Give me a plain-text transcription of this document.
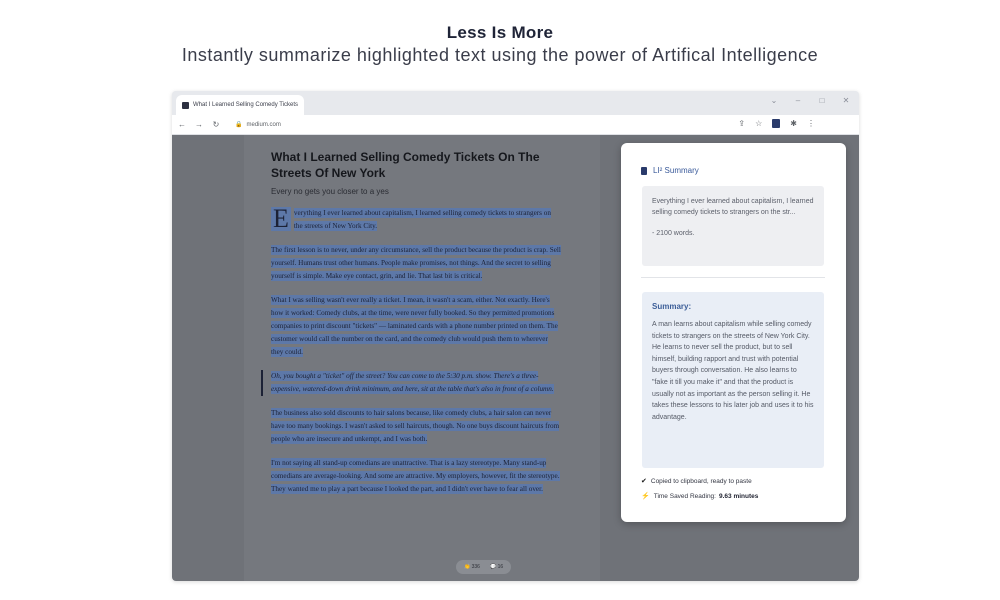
Less Is More
Instantly summarize highlighted text using the power of Artifical Intelligence
What I Learned Selling Comedy Tickets	⌄	–	□	✕
←	→	↻	🔒 medium.com	⇪ ☆	✱ ⋮
What I Learned Selling Comedy Tickets On The Streets Of New York
Every no gets you closer to a yes
E verything I ever learned about capitalism, I learned selling comedy tickets to strangers on the streets of New York City.
The first lesson is to never, under any circumstance, sell the product because the product is crap. Sell yourself. Humans trust other humans. People make promises, not things. And the secret to selling yourself is simple. Make eye contact, grin, and lie. That last bit is critical.
What I was selling wasn't ever really a ticket. I mean, it wasn't a scam, either. Not exactly. Here's how it worked: Comedy clubs, at the time, were never fully booked. So they permitted promotions companies to print discount "tickets" — laminated cards with a phone number printed on them. The customer would call the number on the card, and the comedy club would push them to wherever they could.
Oh, you bought a "ticket" off the street? You can come to the 5:30 p.m. show. There's a three-expensive, watered-down drink minimum, and here, sit at the table that's also in front of a column.
The business also sold discounts to hair salons because, like comedy clubs, a hair salon can never have too many bookings. I wasn't asked to sell haircuts, though. No one buys discount haircuts from people who are insecure and unkempt, and I was both.
I'm not saying all stand-up comedians are unattractive. That is a lazy stereotype. Many stand-up comedians are average-looking. And some are attractive. My employers, however, fit the stereotype. They wanted me to play a part because I looked the part, and I didn't ever have to fear all over.
👏 336 💬 16
LI² Summary
Everything I ever learned about capitalism, I learned selling comedy tickets to strangers on the str...
- 2100 words.
Summary:
A man learns about capitalism while selling comedy tickets to strangers on the streets of New York City. He learns to never sell the product, but to sell himself, building rapport and trust with potential buyers through conversation. He also learns to "fake it till you make it" and that the product is usually not as important as the person selling it. He takes these lessons to his later job and uses it to his advantage.
✔ Copied to clipboard, ready to paste
⚡ Time Saved Reading: 9.63 minutes
